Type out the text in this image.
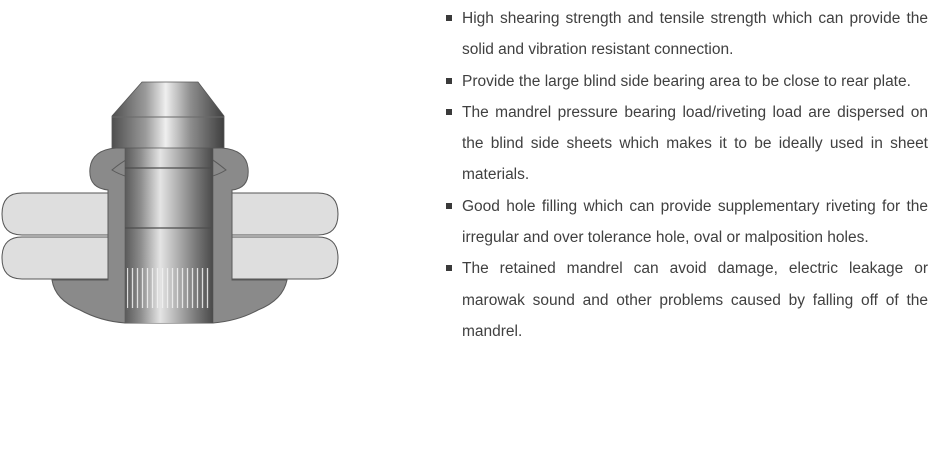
High shearing strength and tensile strength which can provide the solid and vibration resistant connection.
Provide the large blind side bearing area to be close to rear plate.
The mandrel pressure bearing load/riveting load are dispersed on the blind side sheets which makes it to be ideally used in sheet materials.
Good hole filling which can provide supplementary riveting for the irregular and over tolerance hole, oval or malposition holes.
The retained mandrel can avoid damage, electric leakage or marowak sound and other problems caused by falling off of the mandrel.
